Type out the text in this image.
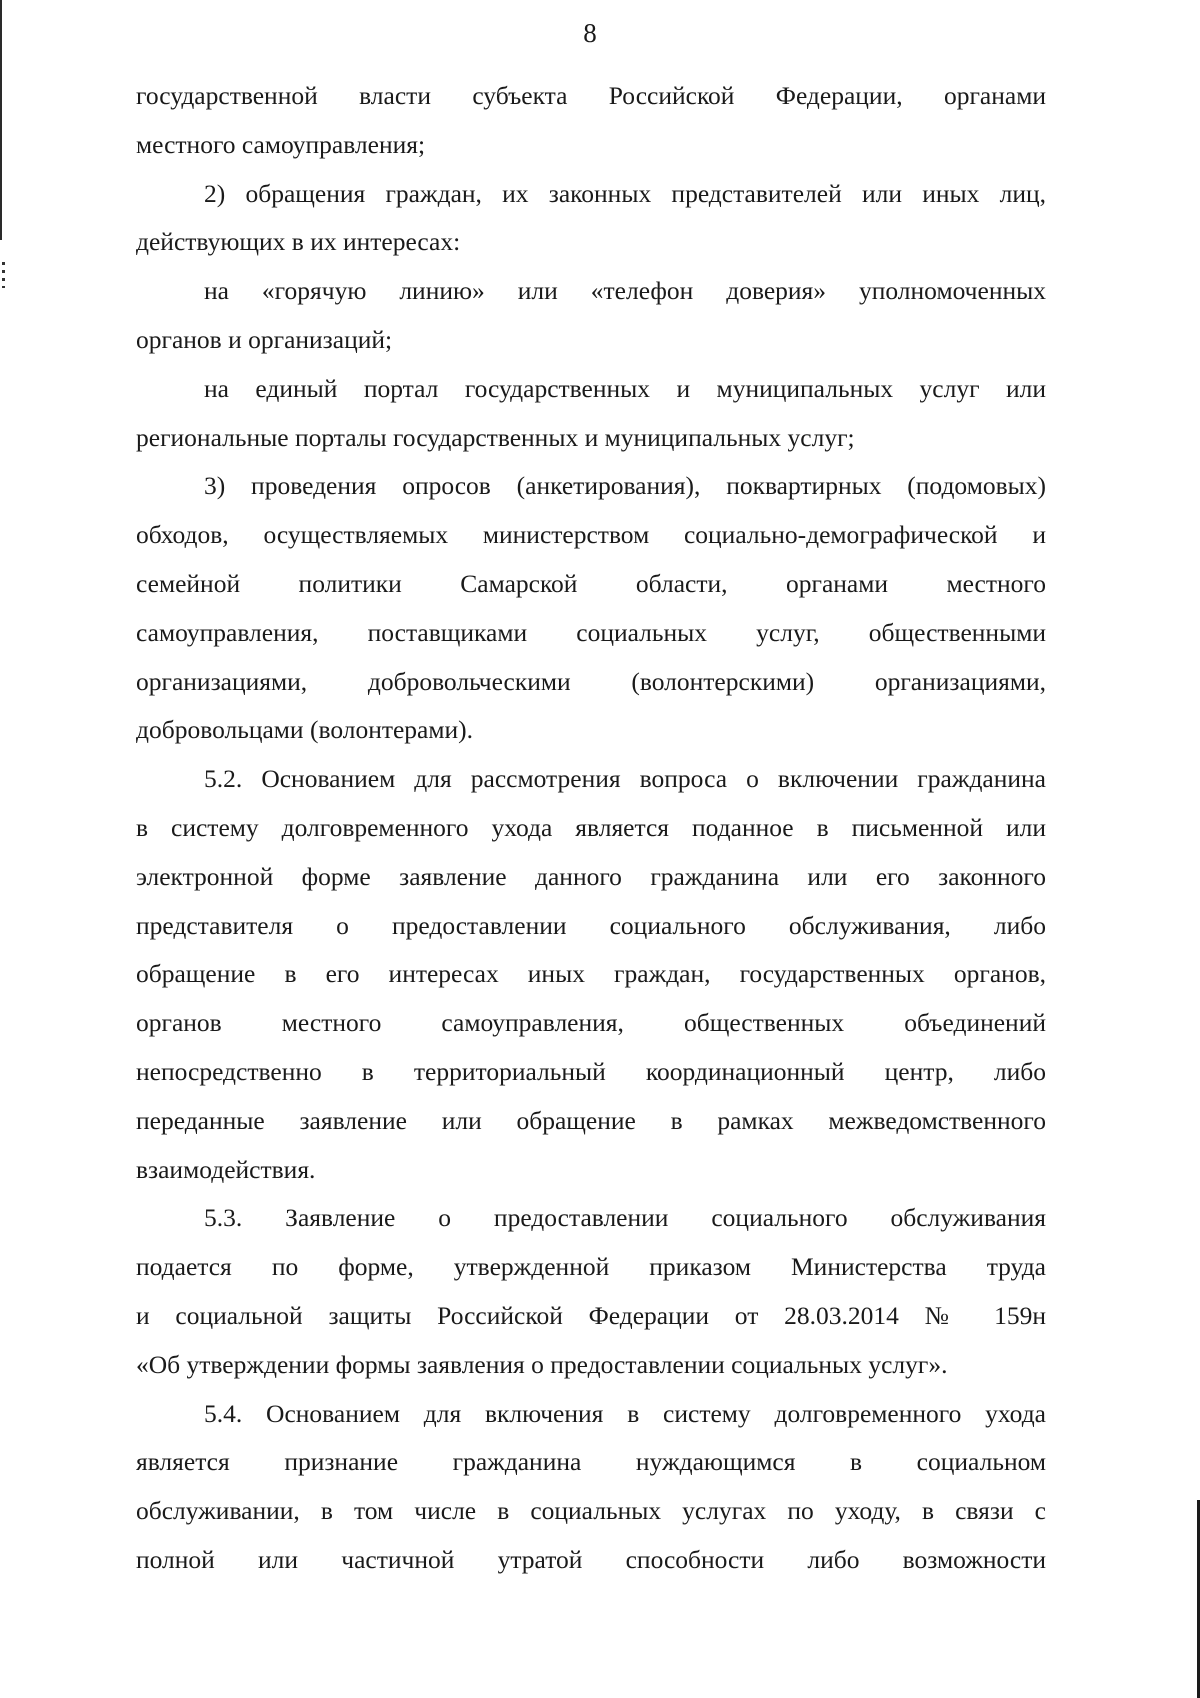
8
государственной власти субъекта Российской Федерации, органами
местного самоуправления;
2) обращения граждан, их законных представителей или иных лиц,
действующих в их интересах:
на «горячую линию» или «телефон доверия» уполномоченных
органов и организаций;
на единый портал государственных и муниципальных услуг или
региональные порталы государственных и муниципальных услуг;
3) проведения опросов (анкетирования), поквартирных (подомовых)
обходов, осуществляемых министерством социально-демографической и
семейной политики Самарской области, органами местного
самоуправления, поставщиками социальных услуг, общественными
организациями, добровольческими (волонтерскими) организациями,
добровольцами (волонтерами).
5.2. Основанием для рассмотрения вопроса о включении гражданина
в систему долговременного ухода является поданное в письменной или
электронной форме заявление данного гражданина или его законного
представителя о предоставлении социального обслуживания, либо
обращение в его интересах иных граждан, государственных органов,
органов местного самоуправления, общественных объединений
непосредственно в территориальный координационный центр, либо
переданные заявление или обращение в рамках межведомственного
взаимодействия.
5.3. Заявление о предоставлении социального обслуживания
подается по форме, утвержденной приказом Министерства труда
и социальной защиты Российской Федерации от 28.03.2014 № 159н
«Об утверждении формы заявления о предоставлении социальных услуг».
5.4. Основанием для включения в систему долговременного ухода
является признание гражданина нуждающимся в социальном
обслуживании, в том числе в социальных услугах по уходу, в связи с
полной или частичной утратой способности либо возможности
